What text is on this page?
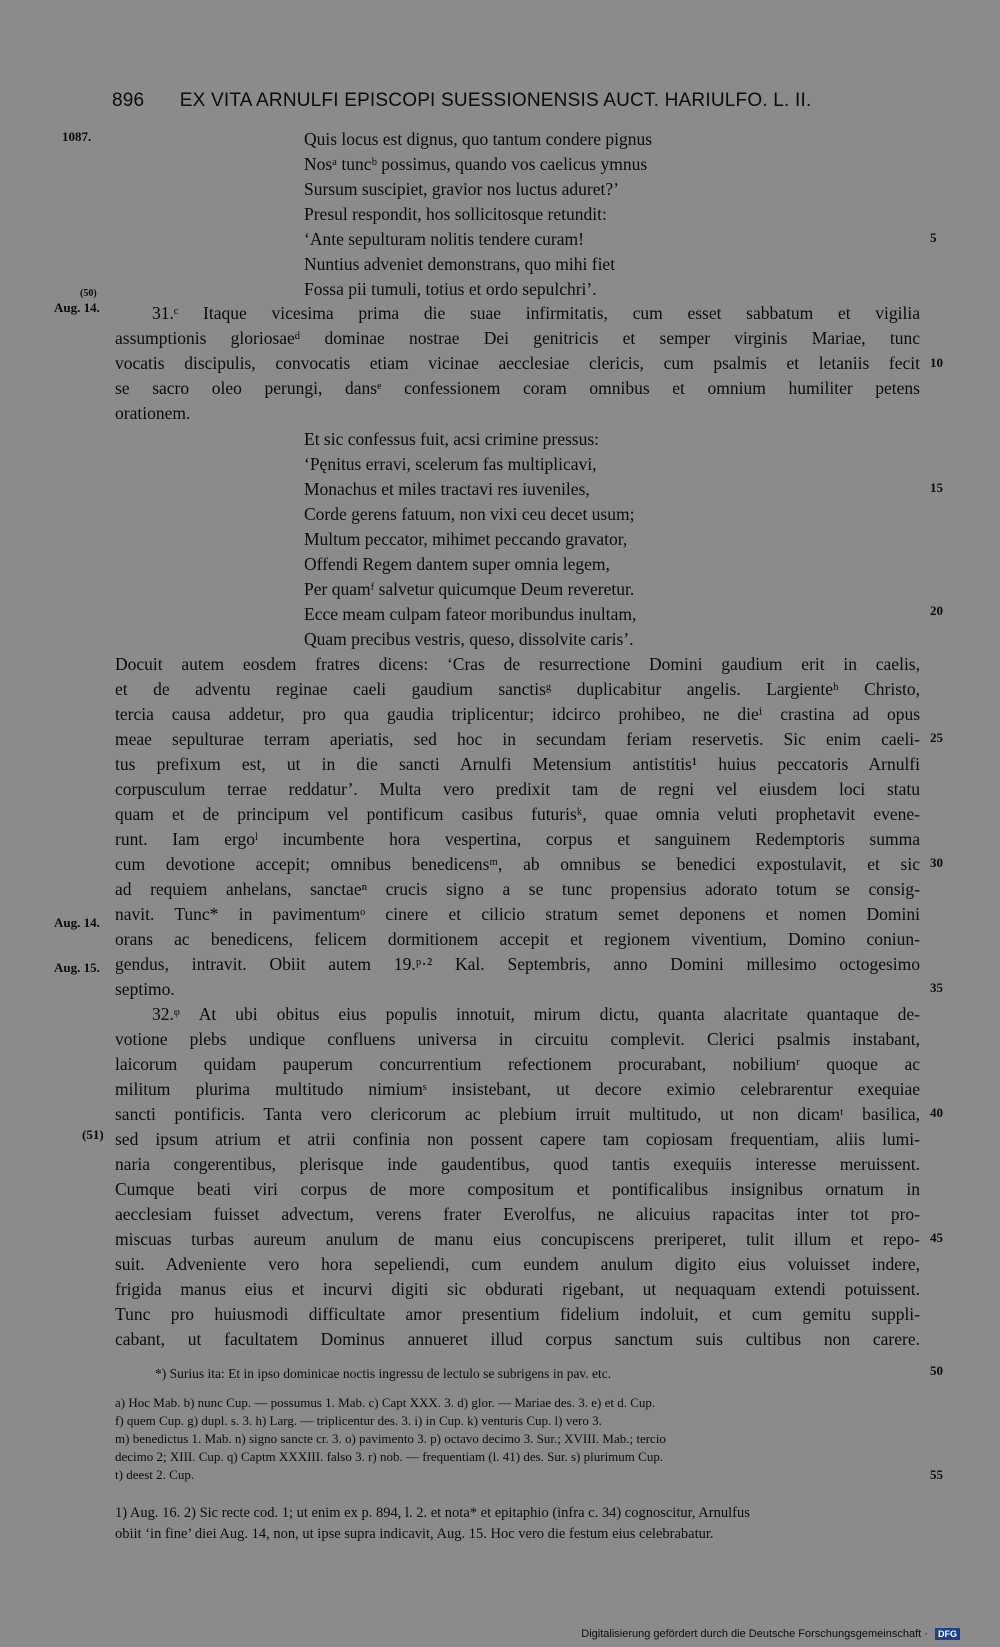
896 EX VITA ARNULFI EPISCOPI SUESSIONENSIS AUCT. HARIULFO. L. II.
1087.
(50)
Aug. 14.
Aug. 14.
Aug. 15.
(51)
5
10
15
20
25
30
35
40
45
50
55
Quis locus est dignus, quo tantum condere pignus
Nosᵃ tuncᵇ possimus, quando vos caelicus ymnus
Sursum suscipiet, gravior nos luctus aduret?’
Presul respondit, hos sollicitosque retundit:
‘Ante sepulturam nolitis tendere curam!
Nuntius adveniet demonstrans, quo mihi fiet
Fossa pii tumuli, totius et ordo sepulchri’.
31.ᶜ Itaque vicesima prima die suae infirmitatis, cum esset sabbatum et vigilia
assumptionis gloriosaeᵈ dominae nostrae Dei genitricis et semper virginis Mariae, tunc
vocatis discipulis, convocatis etiam vicinae aecclesiae clericis, cum psalmis et letaniis fecit
se sacro oleo perungi, dansᵉ confessionem coram omnibus et omnium humiliter petens
orationem.
Et sic confessus fuit, acsi crimine pressus:
‘Pęnitus erravi, scelerum fas multiplicavi,
Monachus et miles tractavi res iuveniles,
Corde gerens fatuum, non vixi ceu decet usum;
Multum peccator, mihimet peccando gravator,
Offendi Regem dantem super omnia legem,
Per quamᶠ salvetur quicumque Deum reveretur.
Ecce meam culpam fateor moribundus inultam,
Quam precibus vestris, queso, dissolvite caris’.
Docuit autem eosdem fratres dicens: ‘Cras de resurrectione Domini gaudium erit in caelis,
et de adventu reginae caeli gaudium sanctisᵍ duplicabitur angelis. Largienteʰ Christo,
tercia causa addetur, pro qua gaudia triplicentur; idcirco prohibeo, ne dieⁱ crastina ad opus
meae sepulturae terram aperiatis, sed hoc in secundam feriam reservetis. Sic enim caeli-
tus prefixum est, ut in die sancti Arnulfi Metensium antistitis¹ huius peccatoris Arnulfi
corpusculum terrae reddatur’. Multa vero predixit tam de regni vel eiusdem loci statu
quam et de principum vel pontificum casibus futurisᵏ, quae omnia veluti prophetavit evene-
runt. Iam ergoˡ incumbente hora vespertina, corpus et sanguinem Redemptoris summa
cum devotione accepit; omnibus benedicensᵐ, ab omnibus se benedici expostulavit, et sic
ad requiem anhelans, sanctaeⁿ crucis signo a se tunc propensius adorato totum se consig-
navit. Tunc* in pavimentumᵒ cinere et cilicio stratum semet deponens et nomen Domini
orans ac benedicens, felicem dormitionem accepit et regionem viventium, Domino coniun-
gendus, intravit. Obiit autem 19.ᵖ·² Kal. Septembris, anno Domini millesimo octogesimo
septimo.
32.ᵠ At ubi obitus eius populis innotuit, mirum dictu, quanta alacritate quantaque de-
votione plebs undique confluens universa in circuitu complevit. Clerici psalmis instabant,
laicorum quidam pauperum concurrentium refectionem procurabant, nobiliumʳ quoque ac
militum plurima multitudo nimiumˢ insistebant, ut decore eximio celebrarentur exequiae
sancti pontificis. Tanta vero clericorum ac plebium irruit multitudo, ut non dicamᵗ basilica,
sed ipsum atrium et atrii confinia non possent capere tam copiosam frequentiam, aliis lumi-
naria congerentibus, plerisque inde gaudentibus, quod tantis exequiis interesse meruissent.
Cumque beati viri corpus de more compositum et pontificalibus insignibus ornatum in
aecclesiam fuisset advectum, verens frater Everolfus, ne alicuius rapacitas inter tot pro-
miscuas turbas aureum anulum de manu eius concupiscens preriperet, tulit illum et repo-
suit. Adveniente vero hora sepeliendi, cum eundem anulum digito eius voluisset indere,
frigida manus eius et incurvi digiti sic obdurati rigebant, ut nequaquam extendi potuissent.
Tunc pro huiusmodi difficultate amor presentium fidelium indoluit, et cum gemitu suppli-
cabant, ut facultatem Dominus annueret illud corpus sanctum suis cultibus non carere.
*) Surius ita: Et in ipso dominicae noctis ingressu de lectulo se subrigens in pav. etc.
a) Hoc Mab. b) nunc Cup. — possumus 1. Mab. c) Capt XXX. 3. d) glor. — Mariae des. 3. e) et d. Cup.
f) quem Cup. g) dupl. s. 3. h) Larg. — triplicentur des. 3. i) in Cup. k) venturis Cup. l) vero 3.
m) benedictus 1. Mab. n) signo sancte cr. 3. o) pavimento 3. p) octavo decimo 3. Sur.; XVIII. Mab.; tercio
decimo 2; XIII. Cup. q) Captm XXXIII. falso 3. r) nob. — frequentiam (l. 41) des. Sur. s) plurimum Cup.
t) deest 2. Cup.
1) Aug. 16. 2) Sic recte cod. 1; ut enim ex p. 894, l. 2. et nota* et epitaphio (infra c. 34) cognoscitur, Arnulfus
obiit ‘in fine’ diei Aug. 14, non, ut ipse supra indicavit, Aug. 15. Hoc vero die festum eius celebrabatur.
Digitalisierung gefördert durch die Deutsche Forschungsgemeinschaft · DFG
